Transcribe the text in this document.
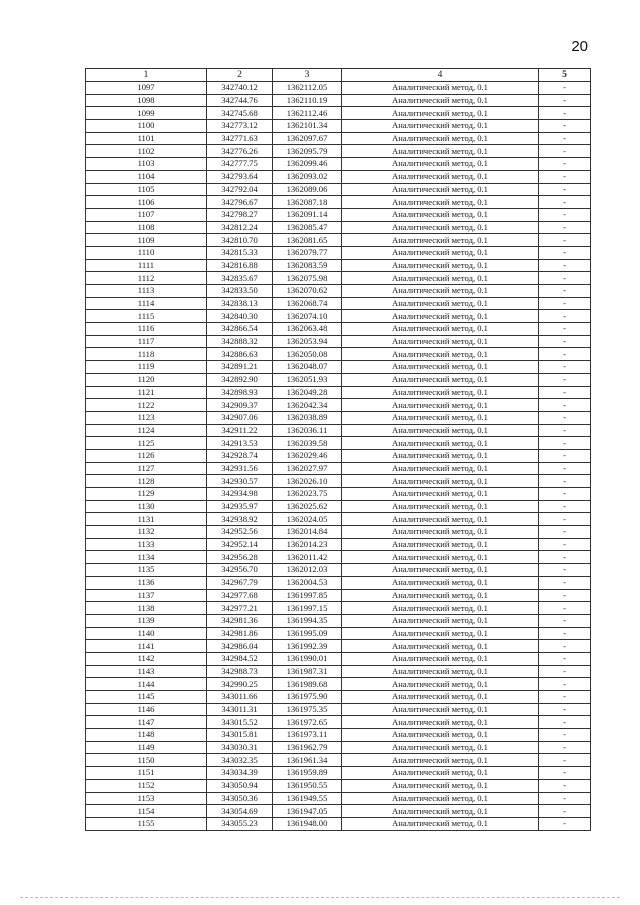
20
1	2	3	4	5
1097	342740.12	1362112.05	Аналитический метод, 0.1	-
1098	342744.76	1362110.19	Аналитический метод, 0.1	-
1099	342745.68	1362112.46	Аналитический метод, 0.1	-
1100	342773.12	1362101.34	Аналитический метод, 0.1	-
1101	342771.63	1362097.67	Аналитический метод, 0.1	-
1102	342776.26	1362095.79	Аналитический метод, 0.1	-
1103	342777.75	1362099.46	Аналитический метод, 0.1	-
1104	342793.64	1362093.02	Аналитический метод, 0.1	-
1105	342792.04	1362089.06	Аналитический метод, 0.1	-
1106	342796.67	1362087.18	Аналитический метод, 0.1	-
1107	342798.27	1362091.14	Аналитический метод, 0.1	-
1108	342812.24	1362085.47	Аналитический метод, 0.1	-
1109	342810.70	1362081.65	Аналитический метод, 0.1	-
1110	342815.33	1362079.77	Аналитический метод, 0.1	-
1111	342816.88	1362083.59	Аналитический метод, 0.1	-
1112	342835.67	1362075.98	Аналитический метод, 0.1	-
1113	342833.50	1362070.62	Аналитический метод, 0.1	-
1114	342838.13	1362068.74	Аналитический метод, 0.1	-
1115	342840.30	1362074.10	Аналитический метод, 0.1	-
1116	342866.54	1362063.48	Аналитический метод, 0.1	-
1117	342888.32	1362053.94	Аналитический метод, 0.1	-
1118	342886.63	1362050.08	Аналитический метод, 0.1	-
1119	342891.21	1362048.07	Аналитический метод, 0.1	-
1120	342892.90	1362051.93	Аналитический метод, 0.1	-
1121	342898.93	1362049.28	Аналитический метод, 0.1	-
1122	342909.37	1362042.34	Аналитический метод, 0.1	-
1123	342907.06	1362038.89	Аналитический метод, 0.1	-
1124	342911.22	1362036.11	Аналитический метод, 0.1	-
1125	342913.53	1362039.58	Аналитический метод, 0.1	-
1126	342928.74	1362029.46	Аналитический метод, 0.1	-
1127	342931.56	1362027.97	Аналитический метод, 0.1	-
1128	342930.57	1362026.10	Аналитический метод, 0.1	-
1129	342934.98	1362023.75	Аналитический метод, 0.1	-
1130	342935.97	1362025.62	Аналитический метод, 0.1	-
1131	342938.92	1362024.05	Аналитический метод, 0.1	-
1132	342952.56	1362014.84	Аналитический метод, 0.1	-
1133	342952.14	1362014.23	Аналитический метод, 0.1	-
1134	342956.28	1362011.42	Аналитический метод, 0.1	-
1135	342956.70	1362012.03	Аналитический метод, 0.1	-
1136	342967.79	1362004.53	Аналитический метод, 0.1	-
1137	342977.68	1361997.85	Аналитический метод, 0.1	-
1138	342977.21	1361997.15	Аналитический метод, 0.1	-
1139	342981.36	1361994.35	Аналитический метод, 0.1	-
1140	342981.86	1361995.09	Аналитический метод, 0.1	-
1141	342986.04	1361992.39	Аналитический метод, 0.1	-
1142	342984.52	1361990.01	Аналитический метод, 0.1	-
1143	342988.73	1361987.31	Аналитический метод, 0.1	-
1144	342990.25	1361989.68	Аналитический метод, 0.1	-
1145	343011.66	1361975.90	Аналитический метод, 0.1	-
1146	343011.31	1361975.35	Аналитический метод, 0.1	-
1147	343015.52	1361972.65	Аналитический метод, 0.1	-
1148	343015.81	1361973.11	Аналитический метод, 0.1	-
1149	343030.31	1361962.79	Аналитический метод, 0.1	-
1150	343032.35	1361961.34	Аналитический метод, 0.1	-
1151	343034.39	1361959.89	Аналитический метод, 0.1	-
1152	343050.94	1361950.55	Аналитический метод, 0.1	-
1153	343050.36	1361949.55	Аналитический метод, 0.1	-
1154	343054.69	1361947.05	Аналитический метод, 0.1	-
1155	343055.23	1361948.00	Аналитический метод, 0.1	-
